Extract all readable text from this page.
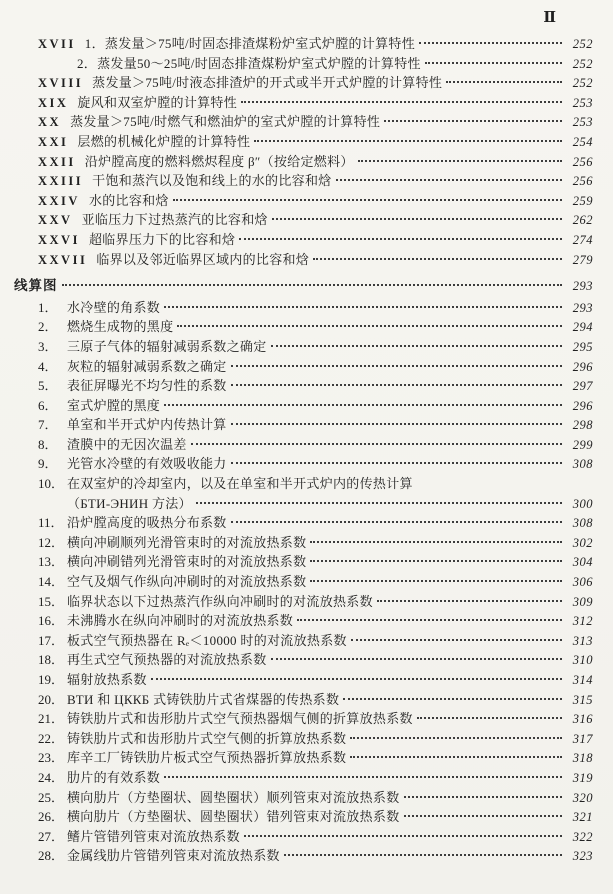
Ⅱ
XVII 1．蒸发量＞75吨/时固态排渣煤粉炉室式炉膛的计算特性	252
2．蒸发量50～25吨/时固态排渣煤粉炉室式炉膛的计算特性	252
XVIII 蒸发量＞75吨/时液态排渣炉的开式或半开式炉膛的计算特性	252
XIX 旋风和双室炉膛的计算特性	253
XX 蒸发量＞75吨/时燃气和燃油炉的室式炉膛的计算特性	253
XXI 层燃的机械化炉膛的计算特性	254
XXII 沿炉膛高度的燃料燃烬程度 β″（按给定燃料）	256
XXIII 干饱和蒸汽以及饱和线上的水的比容和焓	256
XXIV 水的比容和焓	259
XXV 亚临压力下过热蒸汽的比容和焓	262
XXVI 超临界压力下的比容和焓	274
XXVII 临界以及邻近临界区域内的比容和焓	279
线算图	293
1． 水冷壁的角系数	293
2． 燃烧生成物的黑度	294
3． 三原子气体的辐射减弱系数之确定	295
4． 灰粒的辐射减弱系数之确定	296
5． 表征屏曝光不均匀性的系数	297
6． 室式炉膛的黑度	296
7． 单室和半开式炉内传热计算	298
8． 渣膜中的无因次温差	299
9． 光管水冷壁的有效吸收能力	308
10． 在双室炉的冷却室内，以及在单室和半开式炉内的传热计算
（БТИ-ЭНИН 方法）	300
11． 沿炉膛高度的吸热分布系数	308
12． 横向冲刷顺列光滑管束时的对流放热系数	302
13． 横向冲刷错列光滑管束时的对流放热系数	304
14． 空气及烟气作纵向冲刷时的对流放热系数	306
15． 临界状态以下过热蒸汽作纵向冲刷时的对流放热系数	309
16． 未沸腾水在纵向冲刷时的对流放热系数	312
17． 板式空气预热器在 Rₑ＜10000 时的对流放热系数	313
18． 再生式空气预热器的对流放热系数	310
19． 辐射放热系数	314
20． ВТИ 和 ЦККБ 式铸铁肋片式省煤器的传热系数	315
21． 铸铁肋片式和齿形肋片式空气预热器烟气侧的折算放热系数	316
22． 铸铁肋片式和齿形肋片式空气侧的折算放热系数	317
23． 库辛工厂铸铁肋片板式空气预热器折算放热系数	318
24． 肋片的有效系数	319
25． 横向肋片（方垫圈状、圆垫圈状）顺列管束对流放热系数	320
26． 横向肋片（方垫圈状、圆垫圈状）错列管束对流放热系数	321
27． 鳍片管错列管束对流放热系数	322
28． 金属线肋片管错列管束对流放热系数	323
